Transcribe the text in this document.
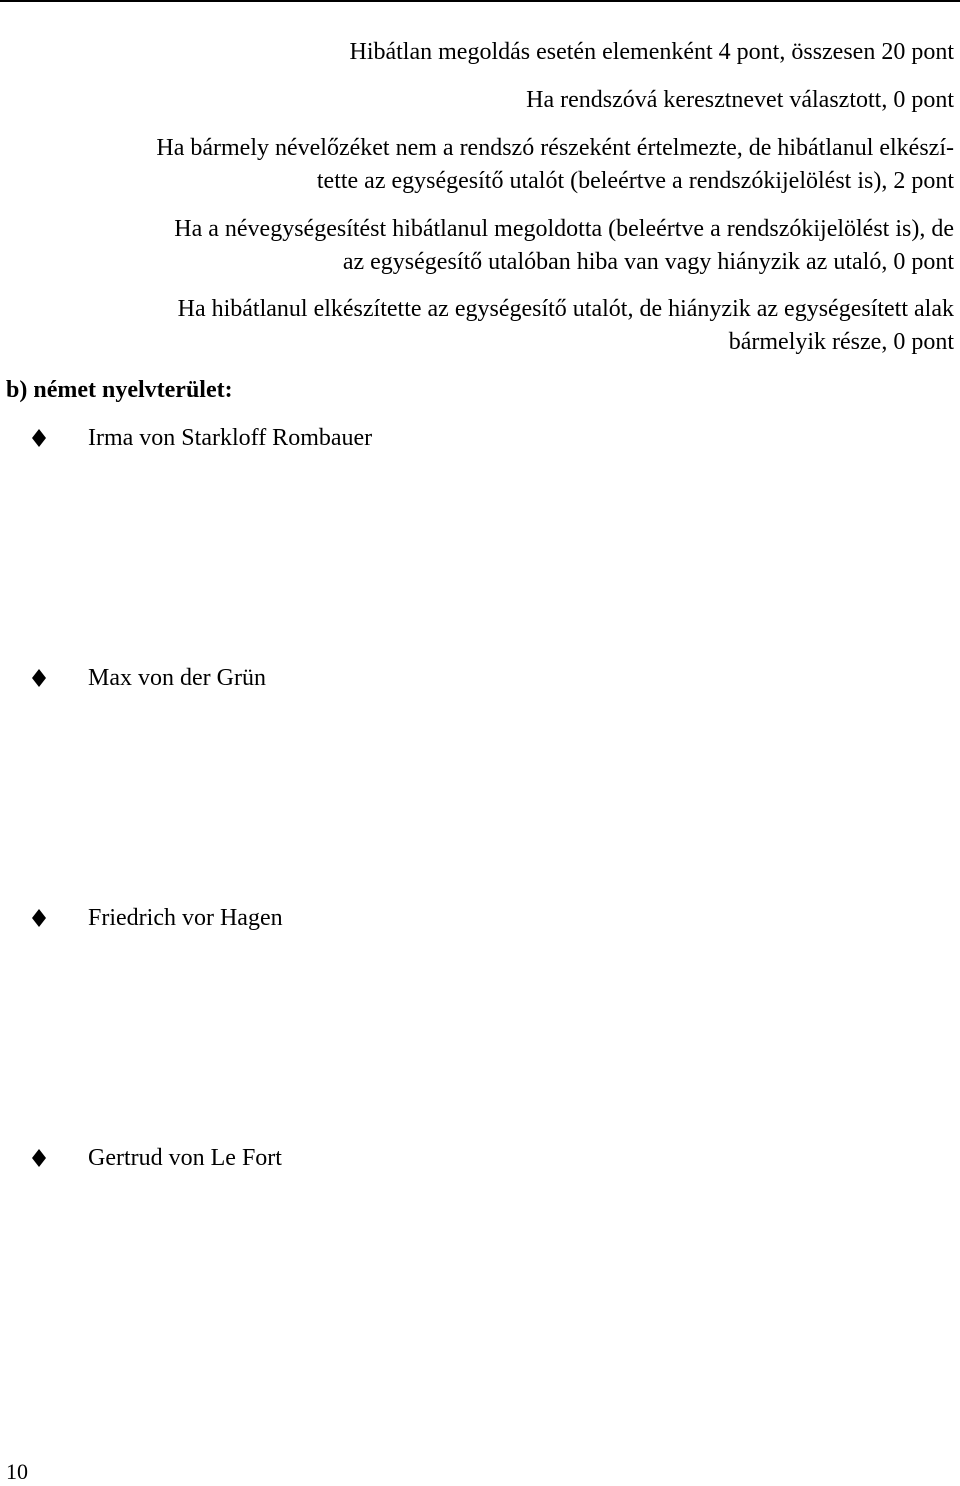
Hibátlan megoldás esetén elemenként 4 pont, összesen 20 pont
Ha rendszóvá keresztnevet választott, 0 pont
Ha bármely névelőzéket nem a rendszó részeként értelmezte, de hibátlanul elkészí-
tette az egységesítő utalót (beleértve a rendszókijelölést is), 2 pont
Ha a névegységesítést hibátlanul megoldotta (beleértve a rendszókijelölést is), de
az egységesítő utalóban hiba van vagy hiányzik az utaló, 0 pont
Ha hibátlanul elkészítette az egységesítő utalót, de hiányzik az egységesített alak
bármelyik része, 0 pont
b) német nyelvterület:
Irma von Starkloff Rombauer
Max von der Grün
Friedrich vor Hagen
Gertrud von Le Fort
10
